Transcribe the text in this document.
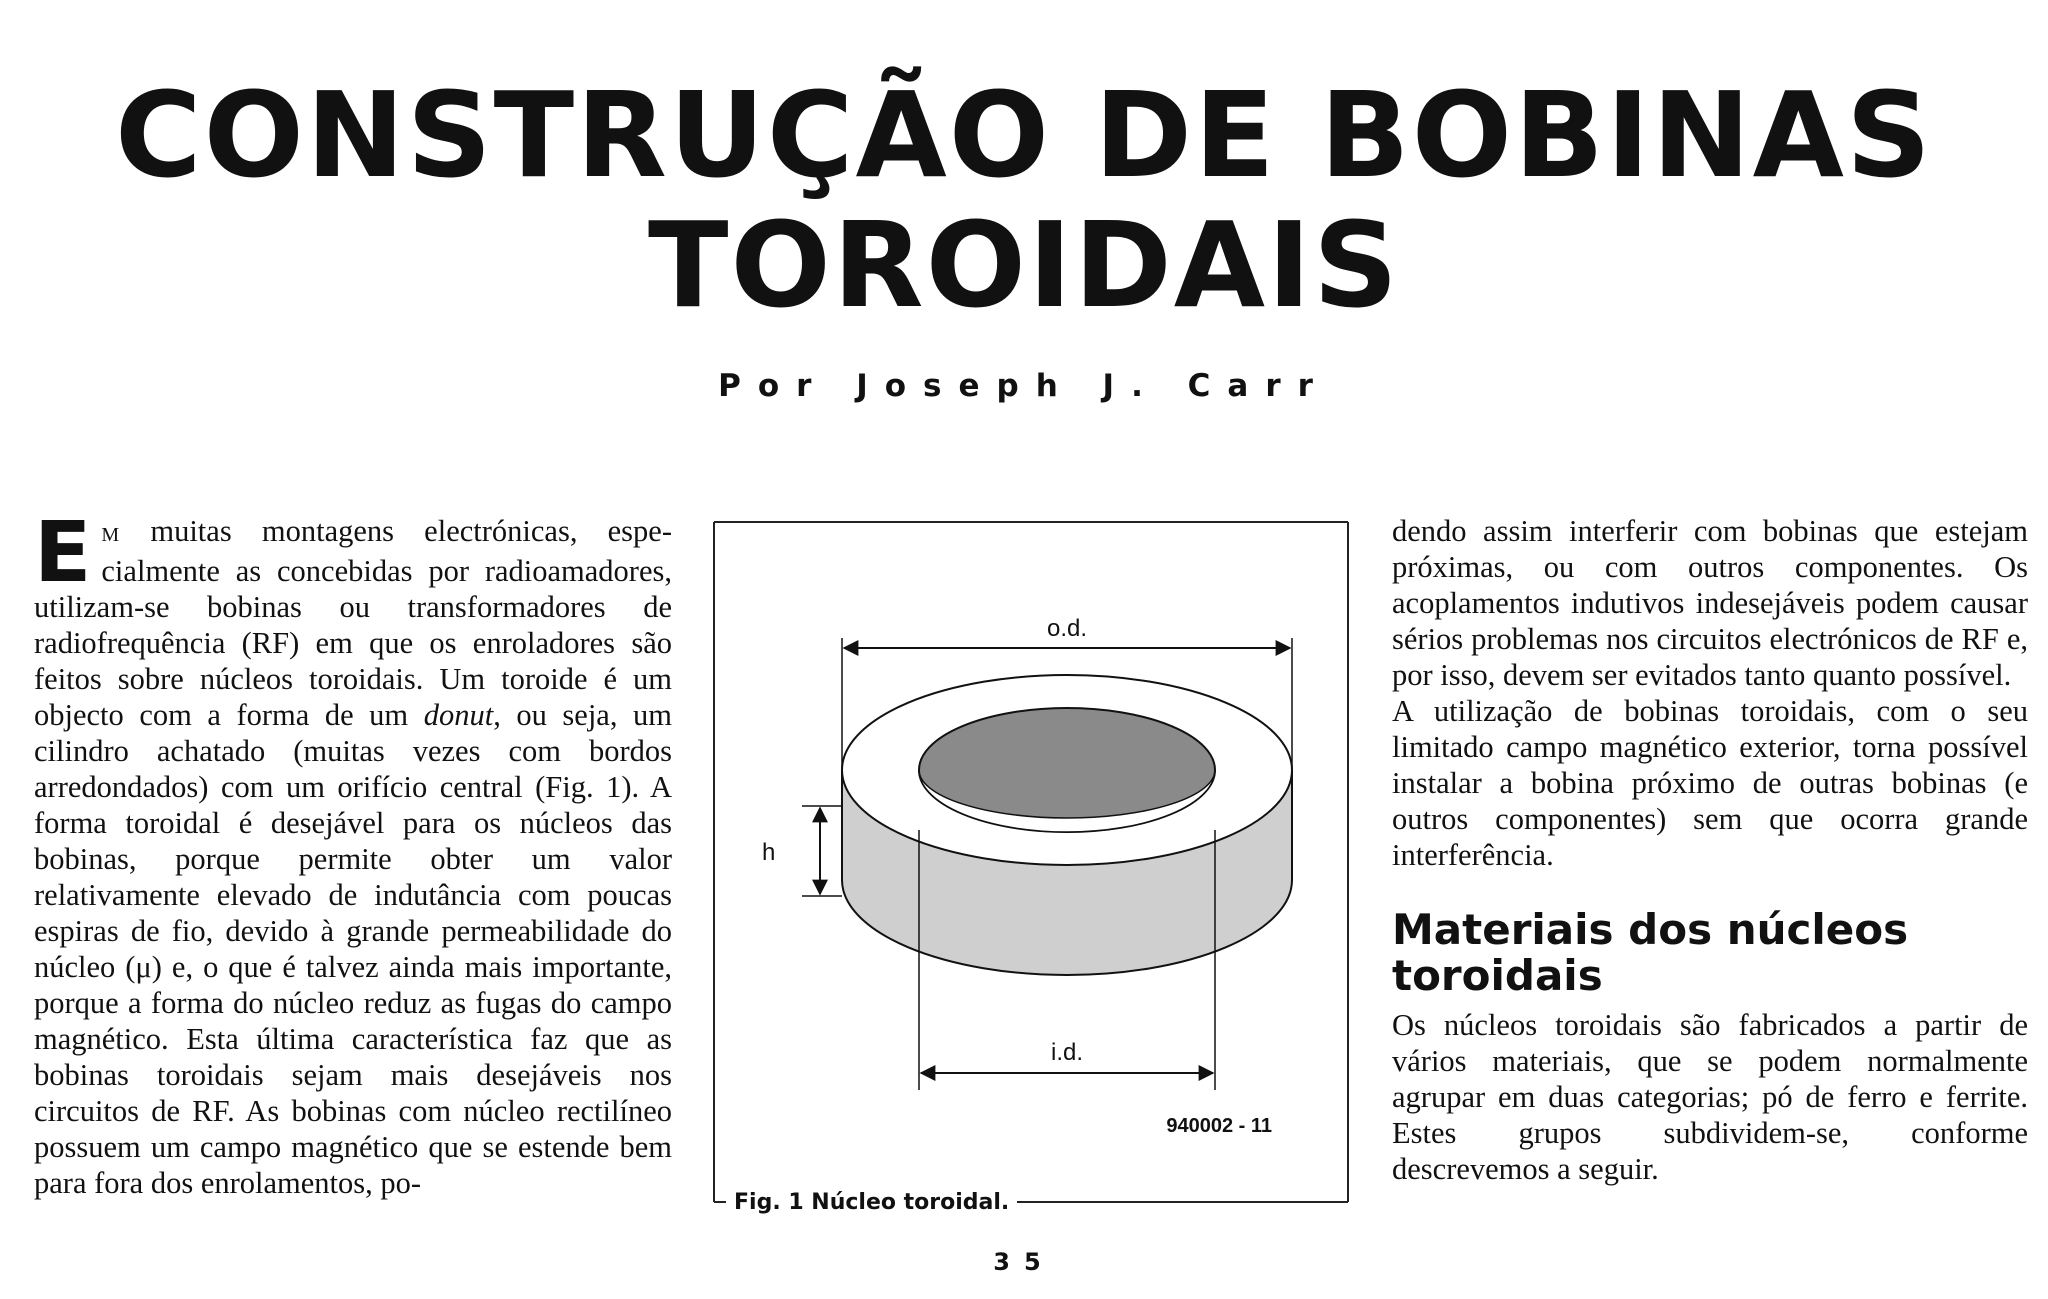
CONSTRUÇÃO DE BOBINAS
TOROIDAIS
Por Joseph J. Carr

E M muitas montagens electrónicas, especialmente as concebidas por radioamadores, utilizam-se bobinas ou transformadores de radiofrequência (RF) em que os enroladores são feitos sobre núcleos toroidais. Um toroide é um objecto com a forma de um donut, ou seja, um cilindro achatado (muitas vezes com bordos arredondados) com um orifício central (Fig. 1). A forma toroidal é desejável para os núcleos das bobinas, porque permite obter um valor relativamente elevado de indutância com poucas espiras de fio, devido à grande permeabilidade do núcleo (μ) e, o que é talvez ainda mais importante, porque a forma do núcleo reduz as fugas do campo magnético. Esta última característica faz que as bobinas toroidais sejam mais desejáveis nos circuitos de RF. As bobinas com núcleo rectilíneo possuem um campo magnético que se estende bem para fora dos enrolamentos, po-

o.d.
h
i.d.
940002 - 11
Fig. 1 Núcleo toroidal.

dendo assim interferir com bobinas que estejam próximas, ou com outros componentes. Os acoplamentos indutivos indesejáveis podem causar sérios problemas nos circuitos electrónicos de RF e, por isso, devem ser evitados tanto quanto possível.

A utilização de bobinas toroidais, com o seu limitado campo magnético exterior, torna possível instalar a bobina próximo de outras bobinas (e outros componentes) sem que ocorra grande interferência.

Materiais dos núcleos toroidais

Os núcleos toroidais são fabricados a partir de vários materiais, que se podem normalmente agrupar em duas categorias; pó de ferro e ferrite. Estes grupos subdividem-se, conforme descrevemos a seguir.

35
